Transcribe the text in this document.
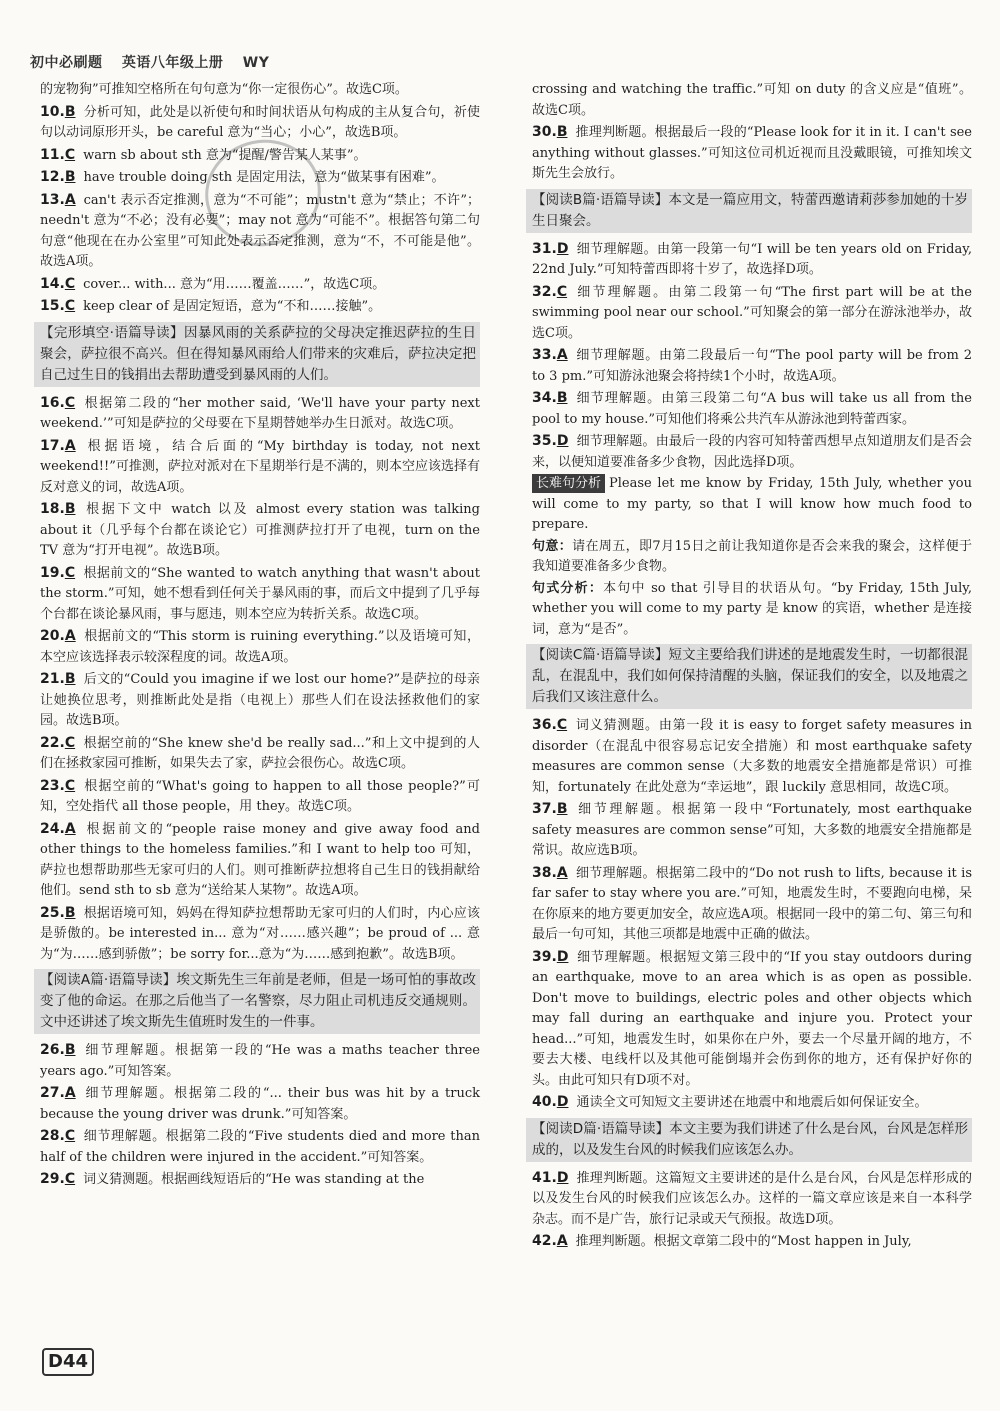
初中必刷题 英语八年级上册 WY
的宠物狗”可推知空格所在句句意为“你一定很伤心”。故选C项。
10.B 分析可知，此处是以祈使句和时间状语从句构成的主从复合句，祈使句以动词原形开头，be careful 意为“当心；小心”，故选B项。
11.C warn sb about sth 意为“提醒/警告某人某事”。
12.B have trouble doing sth 是固定用法，意为“做某事有困难”。
13.A can't 表示否定推测，意为“不可能”；mustn't 意为“禁止；不许”；needn't 意为“不必；没有必要”；may not 意为“可能不”。根据答句第二句句意“他现在在办公室里”可知此处表示否定推测，意为“不，不可能是他”。故选A项。
14.C cover... with... 意为“用……覆盖……”，故选C项。
15.C keep clear of 是固定短语，意为“不和……接触”。
【完形填空·语篇导读】因暴风雨的关系萨拉的父母决定推迟萨拉的生日聚会，萨拉很不高兴。但在得知暴风雨给人们带来的灾难后，萨拉决定把自己过生日的钱捐出去帮助遭受到暴风雨的人们。
16.C 根据第二段的“her mother said, ‘We'll have your party next weekend.’”可知是萨拉的父母要在下星期替她举办生日派对。故选C项。
17.A 根据语境，结合后面的“My birthday is today, not next weekend!!”可推测，萨拉对派对在下星期举行是不满的，则本空应该选择有反对意义的词，故选A项。
18.B 根据下文中 watch 以及 almost every station was talking about it（几乎每个台都在谈论它）可推测萨拉打开了电视，turn on the TV 意为“打开电视”。故选B项。
19.C 根据前文的“She wanted to watch anything that wasn't about the storm.”可知，她不想看到任何关于暴风雨的事，而后文中提到了几乎每个台都在谈论暴风雨，事与愿违，则本空应为转折关系。故选C项。
20.A 根据前文的“This storm is ruining everything.”以及语境可知，本空应该选择表示较深程度的词。故选A项。
21.B 后文的“Could you imagine if we lost our home?”是萨拉的母亲让她换位思考，则推断此处是指（电视上）那些人们在设法拯救他们的家园。故选B项。
22.C 根据空前的“She knew she'd be really sad...”和上文中提到的人们在拯救家园可推断，如果失去了家，萨拉会很伤心。故选C项。
23.C 根据空前的“What's going to happen to all those people?”可知，空处指代 all those people，用 they。故选C项。
24.A 根据前文的“people raise money and give away food and other things to the homeless families.”和 I want to help too 可知，萨拉也想帮助那些无家可归的人们。则可推断萨拉想将自己生日的钱捐献给他们。send sth to sb 意为“送给某人某物”。故选A项。
25.B 根据语境可知，妈妈在得知萨拉想帮助无家可归的人们时，内心应该是骄傲的。be interested in... 意为“对……感兴趣”；be proud of ... 意为“为……感到骄傲”；be sorry for...意为“为……感到抱歉”。故选B项。
【阅读A篇·语篇导读】埃文斯先生三年前是老师，但是一场可怕的事故改变了他的命运。在那之后他当了一名警察，尽力阻止司机违反交通规则。文中还讲述了埃文斯先生值班时发生的一件事。
26.B 细节理解题。根据第一段的“He was a maths teacher three years ago.”可知答案。
27.A 细节理解题。根据第二段的“... their bus was hit by a truck because the young driver was drunk.”可知答案。
28.C 细节理解题。根据第二段的“Five students died and more than half of the children were injured in the accident.”可知答案。
29.C 词义猜测题。根据画线短语后的“He was standing at the
crossing and watching the traffic.”可知 on duty 的含义应是“值班”。故选C项。
30.B 推理判断题。根据最后一段的“Please look for it in it. I can't see anything without glasses.”可知这位司机近视而且没戴眼镜，可推知埃文斯先生会放行。
【阅读B篇·语篇导读】本文是一篇应用文，特蕾西邀请莉莎参加她的十岁生日聚会。
31.D 细节理解题。由第一段第一句“I will be ten years old on Friday, 22nd July.”可知特蕾西即将十岁了，故选择D项。
32.C 细节理解题。由第二段第一句“The first part will be at the swimming pool near our school.”可知聚会的第一部分在游泳池举办，故选C项。
33.A 细节理解题。由第二段最后一句“The pool party will be from 2 to 3 pm.”可知游泳池聚会将持续1个小时，故选A项。
34.B 细节理解题。由第三段第二句“A bus will take us all from the pool to my house.”可知他们将乘公共汽车从游泳池到特蕾西家。
35.D 细节理解题。由最后一段的内容可知特蕾西想早点知道朋友们是否会来，以便知道要准备多少食物，因此选择D项。
长难句分析 Please let me know by Friday, 15th July, whether you will come to my party, so that I will know how much food to prepare.
句意：请在周五，即7月15日之前让我知道你是否会来我的聚会，这样便于我知道要准备多少食物。
句式分析：本句中 so that 引导目的状语从句。“by Friday, 15th July, whether you will come to my party 是 know 的宾语，whether 是连接词，意为“是否”。
【阅读C篇·语篇导读】短文主要给我们讲述的是地震发生时，一切都很混乱，在混乱中，我们如何保持清醒的头脑，保证我们的安全，以及地震之后我们又该注意什么。
36.C 词义猜测题。由第一段 it is easy to forget safety measures in disorder（在混乱中很容易忘记安全措施）和 most earthquake safety measures are common sense（大多数的地震安全措施都是常识）可推知，fortunately 在此处意为“幸运地”，跟 luckily 意思相同，故选C项。
37.B 细节理解题。根据第一段中“Fortunately, most earthquake safety measures are common sense”可知，大多数的地震安全措施都是常识。故应选B项。
38.A 细节理解题。根据第二段中的“Do not rush to lifts, because it is far safer to stay where you are.”可知，地震发生时，不要跑向电梯，呆在你原来的地方要更加安全，故应选A项。根据同一段中的第二句、第三句和最后一句可知，其他三项都是地震中正确的做法。
39.D 细节理解题。根据短文第三段中的“If you stay outdoors during an earthquake, move to an area which is as open as possible. Don't move to buildings, electric poles and other objects which may fall during an earthquake and injure you. Protect your head...”可知，地震发生时，如果你在户外，要去一个尽量开阔的地方，不要去大楼、电线杆以及其他可能倒塌并会伤到你的地方，还有保护好你的头。由此可知只有D项不对。
40.D 通读全文可知短文主要讲述在地震中和地震后如何保证安全。
【阅读D篇·语篇导读】本文主要为我们讲述了什么是台风，台风是怎样形成的，以及发生台风的时候我们应该怎么办。
41.D 推理判断题。这篇短文主要讲述的是什么是台风，台风是怎样形成的以及发生台风的时候我们应该怎么办。这样的一篇文章应该是来自一本科学杂志。而不是广告，旅行记录或天气预报。故选D项。
42.A 推理判断题。根据文章第二段中的“Most happen in July,
D44
